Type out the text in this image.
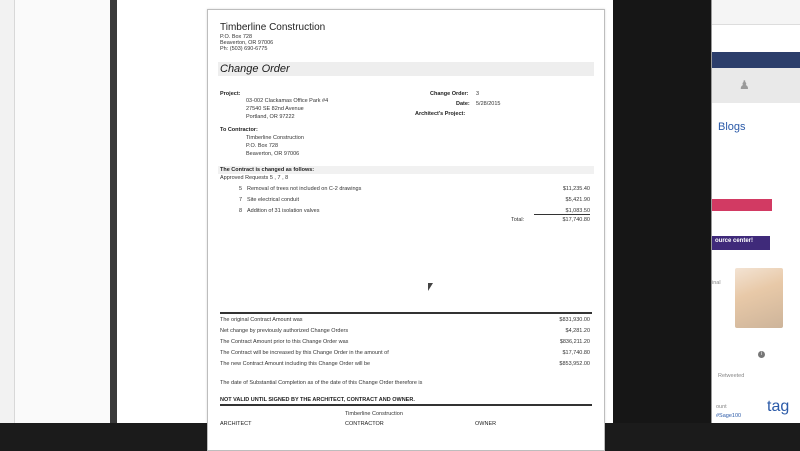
Timberline Construction
P.O. Box 728
Beaverton, OR 97006
Ph: (503) 690-6775
Change Order
Project:
03-002 Clackamas Office Park #4
27540 SE 82nd Avenue
Portland, OR 97222
Change Order: 3
Date: 5/28/2015
Architect's Project:
To Contractor:
Timberline Construction
P.O. Box 728
Beaverton, OR 97006
The Contract is changed as follows:
Approved Requests 5 , 7 , 8
5 Removal of trees not included on C-2 drawings	$11,235.40
7 Site electrical conduit	$5,421.90
8 Addition of 31 isolation valves	$1,083.50
Total:	$17,740.80
The original Contract Amount was	$831,930.00
Net change by previously authorized Change Orders	$4,281.20
The Contract Amount prior to this Change Order was	$836,211.20
The Contract will be increased by this Change Order in the amount of	$17,740.80
The new Contract Amount including this Change Order will be	$853,952.00
The date of Substantial Completion as of the date of this Change Order therefore is
NOT VALID UNTIL SIGNED BY THE ARCHITECT, CONTRACT AND OWNER.
Timberline Construction
ARCHITECT	CONTRACTOR	OWNER
♟
Blogs
ource center!
inal
i
Retweeted
ount
#Sage100
tag
